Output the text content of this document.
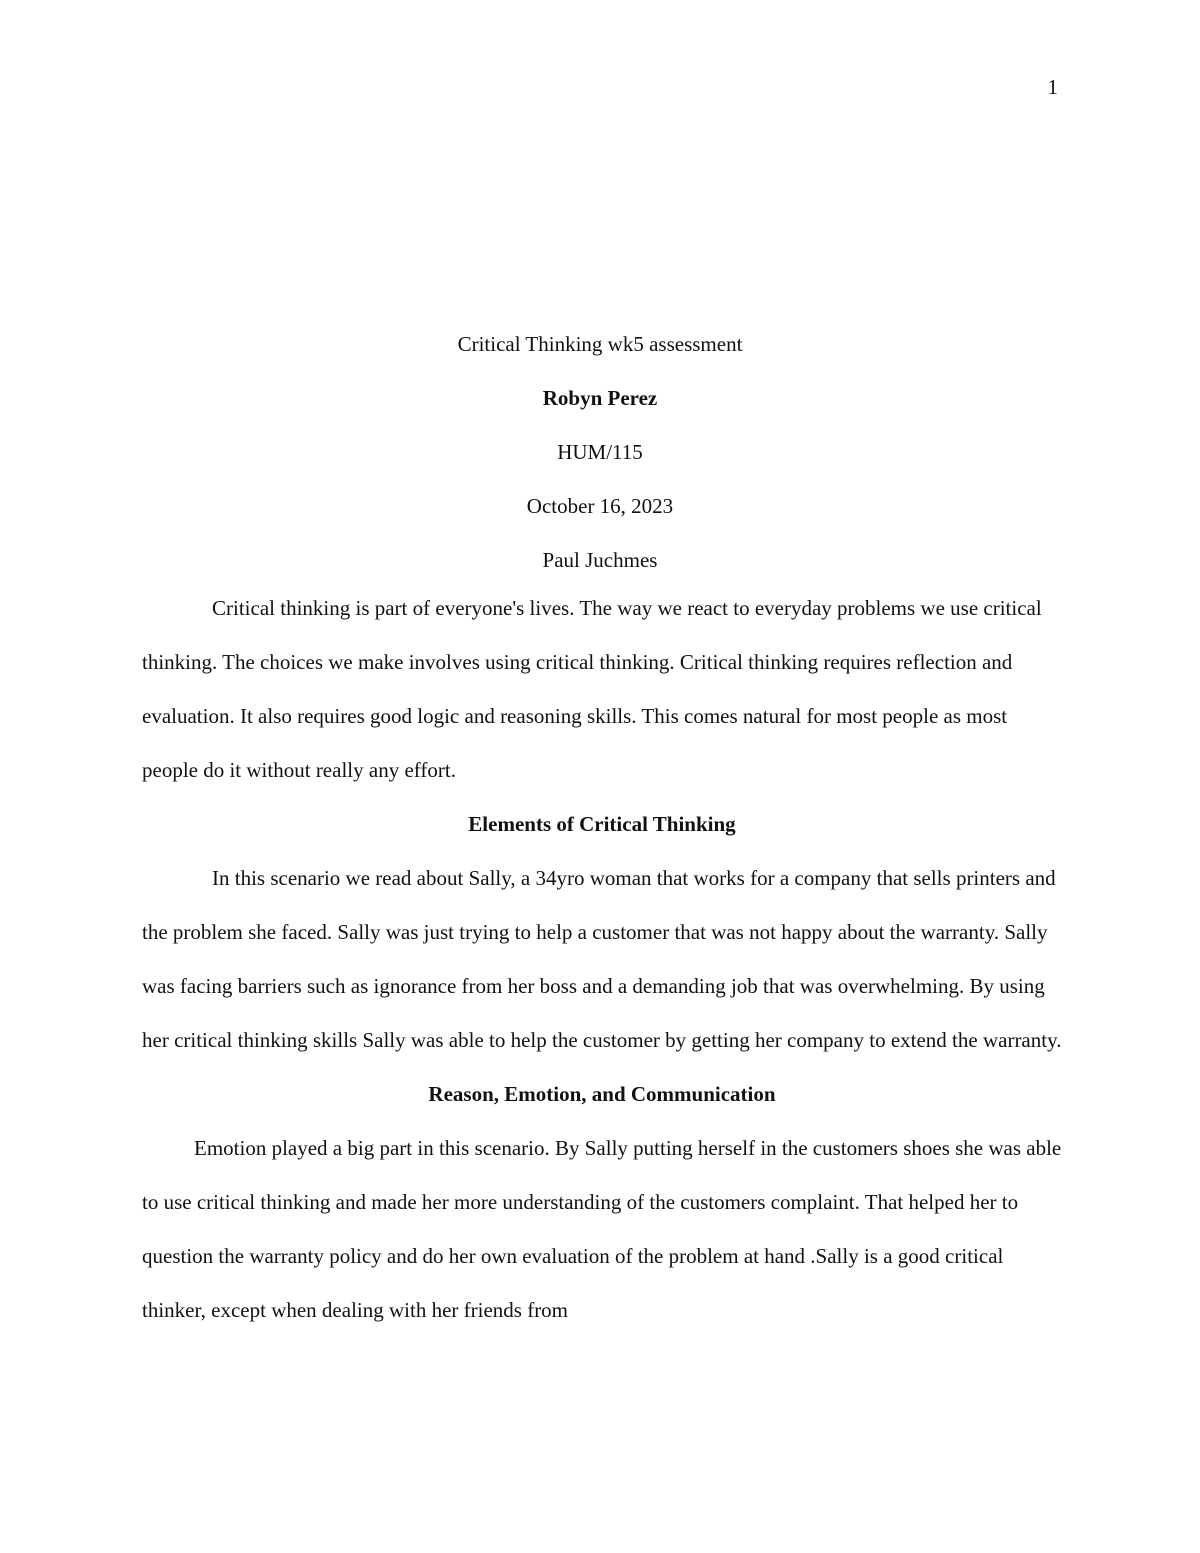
1
Critical Thinking wk5 assessment
Robyn Perez
HUM/115
October 16, 2023
Paul Juchmes

Critical thinking is part of everyone's lives. The way we react to everyday problems we use critical thinking. The choices we make involves using critical thinking. Critical thinking requires reflection and evaluation. It also requires good logic and reasoning skills. This comes natural for most people as most people do it without really any effort.

Elements of Critical Thinking

In this scenario we read about Sally, a 34yro woman that works for a company that sells printers and the problem she faced. Sally was just trying to help a customer that was not happy about the warranty. Sally was facing barriers such as ignorance from her boss and a demanding job that was overwhelming. By using her critical thinking skills Sally was able to help the customer by getting her company to extend the warranty.

Reason, Emotion, and Communication

Emotion played a big part in this scenario. By Sally putting herself in the customers shoes she was able to use critical thinking and made her more understanding of the customers complaint. That helped her to question the warranty policy and do her own evaluation of the problem at hand .Sally is a good critical thinker, except when dealing with her friends from
